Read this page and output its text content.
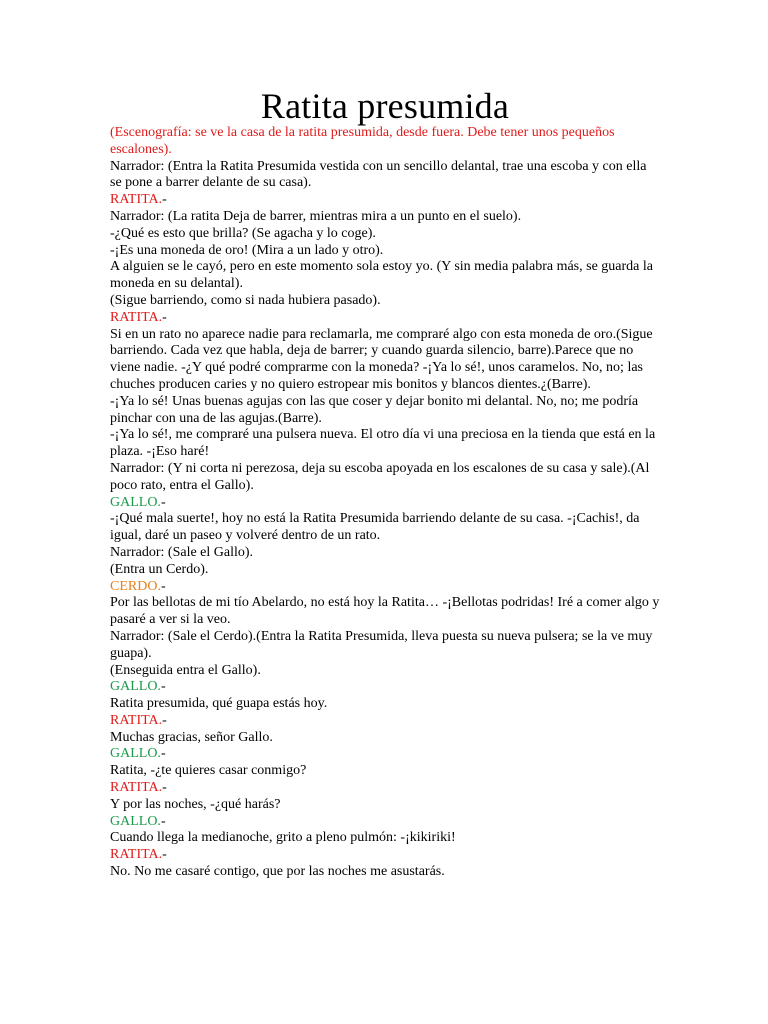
Ratita presumida

(Escenografía: se ve la casa de la ratita presumida, desde fuera. Debe tener unos pequeños escalones).

Narrador: (Entra la Ratita Presumida vestida con un sencillo delantal, trae una escoba y con ella se pone a barrer delante de su casa).

RATITA.-

Narrador: (La ratita Deja de barrer, mientras mira a un punto en el suelo).

-¿Qué es esto que brilla? (Se agacha y lo coge).

-¡Es una moneda de oro! (Mira a un lado y otro).

A alguien se le cayó, pero en este momento sola estoy yo. (Y sin media palabra más, se guarda la moneda en su delantal).

(Sigue barriendo, como si nada hubiera pasado).

RATITA.-

Si en un rato no aparece nadie para reclamarla, me compraré algo con esta moneda de oro.(Sigue barriendo. Cada vez que habla, deja de barrer; y cuando guarda silencio, barre).Parece que no viene nadie. -¿Y qué podré comprarme con la moneda? -¡Ya lo sé!, unos caramelos. No, no; las chuches producen caries y no quiero estropear mis bonitos y blancos dientes.¿(Barre).

-¡Ya lo sé! Unas buenas agujas con las que coser y dejar bonito mi delantal. No, no; me podría pinchar con una de las agujas.(Barre).

-¡Ya lo sé!, me compraré una pulsera nueva. El otro día vi una preciosa en la tienda que está en la plaza. -¡Eso haré!

Narrador: (Y ni corta ni perezosa, deja su escoba apoyada en los escalones de su casa y sale).(Al poco rato, entra el Gallo).

GALLO.-

-¡Qué mala suerte!, hoy no está la Ratita Presumida barriendo delante de su casa. -¡Cachis!, da igual, daré un paseo y volveré dentro de un rato.

Narrador: (Sale el Gallo).

(Entra un Cerdo).

CERDO.-

Por las bellotas de mi tío Abelardo, no está hoy la Ratita… -¡Bellotas podridas! Iré a comer algo y pasaré a ver si la veo.

Narrador: (Sale el Cerdo).(Entra la Ratita Presumida, lleva puesta su nueva pulsera; se la ve muy guapa).

(Enseguida entra el Gallo).

GALLO.-

Ratita presumida, qué guapa estás hoy.

RATITA.-

Muchas gracias, señor Gallo.

GALLO.-

Ratita, -¿te quieres casar conmigo?

RATITA.-

Y por las noches, -¿qué harás?

GALLO.-

Cuando llega la medianoche, grito a pleno pulmón: -¡kikiriki!

RATITA.-

No. No me casaré contigo, que por las noches me asustarás.
